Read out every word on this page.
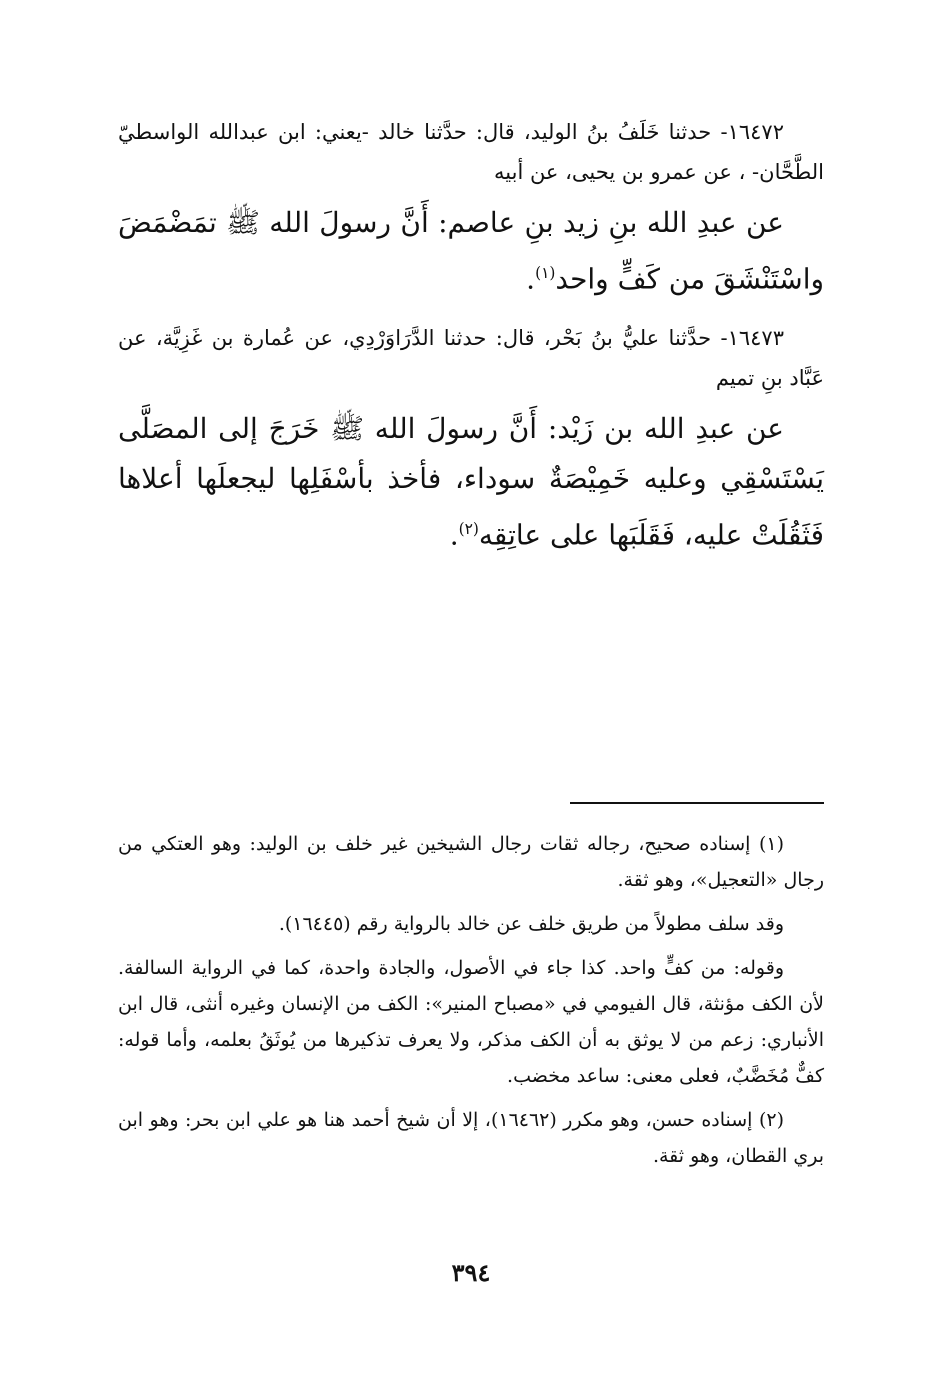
١٦٤٧٢- حدثنا خَلَفُ بنُ الوليد، قال: حدَّثنا خالد -يعني: ابن عبدالله الواسطيّ الطَّحَّان- ، عن عمرو بن يحيى، عن أبيه

عن عبدِ الله بنِ زيد بنِ عاصم: أَنَّ رسولَ الله ﷺ تمَضْمَضَ واسْتَنْشَقَ من كَفٍّ واحد$^{(١)}$.

١٦٤٧٣- حدَّثنا عليُّ بنُ بَحْر، قال: حدثنا الدَّرَاوَرْدِي، عن عُمارة بن غَزِيَّة، عن عَبَّاد بنِ تميم

عن عبدِ الله بن زَيْد: أَنَّ رسولَ الله ﷺ خَرَجَ إلى المصَلَّى يَسْتَسْقِي وعليه خَمِيْصَةٌ سوداء، فأخذ بأسْفَلِها ليجعلَها أعلاها فَثَقُلَتْ عليه، فَقَلَبَها على عاتِقِه$^{(٢)}$.

(١) إسناده صحيح، رجاله ثقات رجال الشيخين غير خلف بن الوليد: وهو العتكي من رجال «التعجيل»، وهو ثقة.

وقد سلف مطولاً من طريق خلف عن خالد بالرواية رقم (١٦٤٤٥).

وقوله: من كفٍّ واحد. كذا جاء في الأصول، والجادة واحدة، كما في الرواية السالفة. لأن الكف مؤنثة، قال الفيومي في «مصباح المنير»: الكف من الإنسان وغيره أنثى، قال ابن الأنباري: زعم من لا يوثق به أن الكف مذكر، ولا يعرف تذكيرها من يُوثَقُ بعلمه، وأما قوله: كفٌّ مُخَضَّبٌ، فعلى معنى: ساعد مخضب.

(٢) إسناده حسن، وهو مكرر (١٦٤٦٢)، إلا أن شيخ أحمد هنا هو علي ابن بحر: وهو ابن بري القطان، وهو ثقة.

٣٩٤
